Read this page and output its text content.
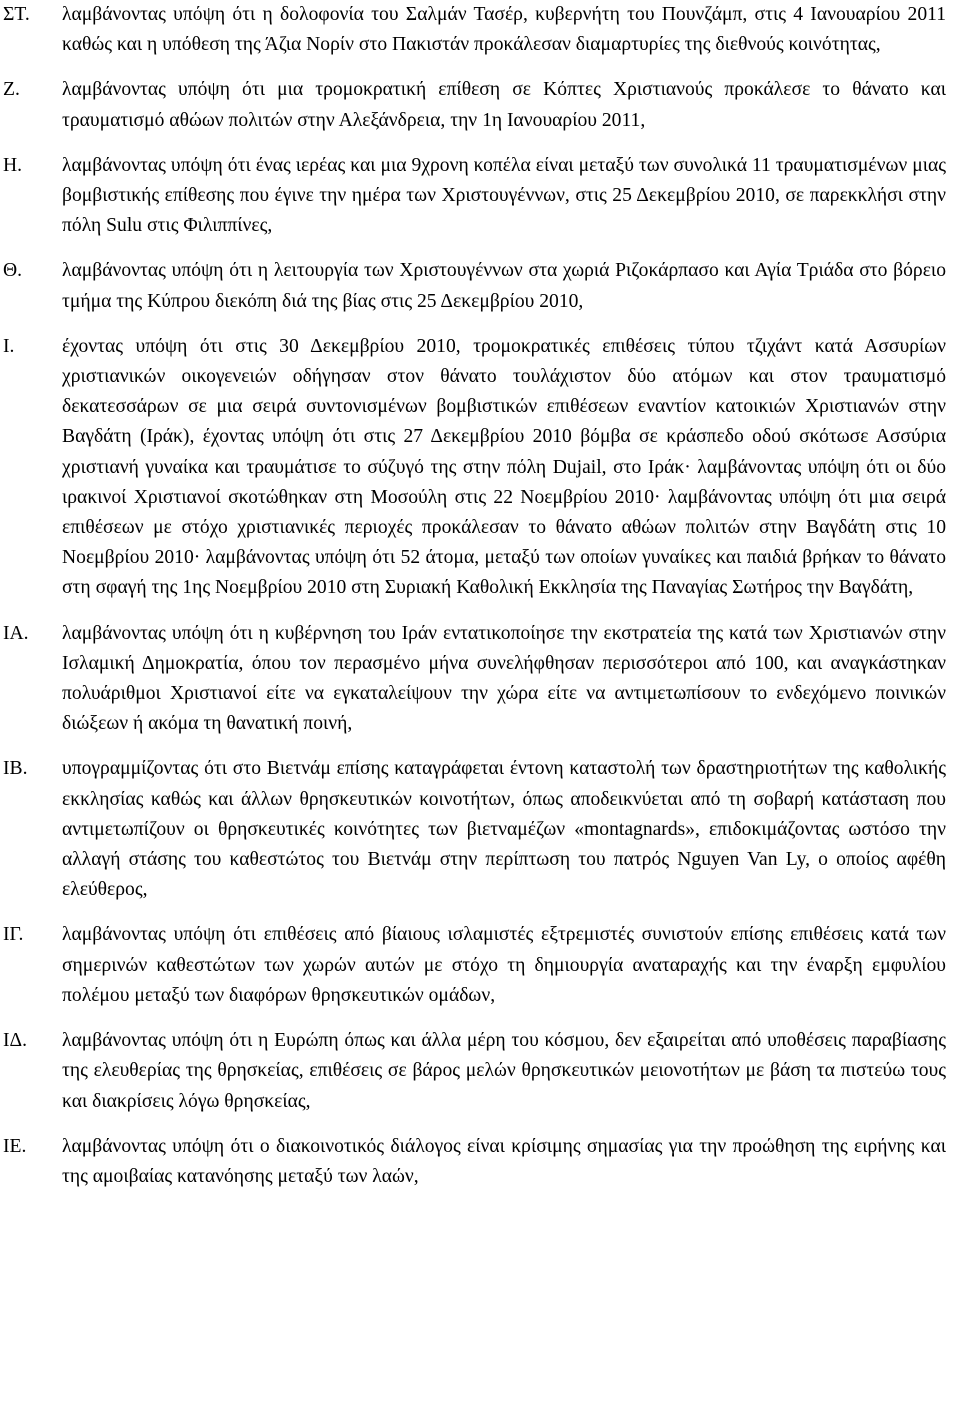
ΣΤ. λαμβάνοντας υπόψη ότι η δολοφονία του Σαλμάν Τασέρ, κυβερνήτη του Πουνζάμπ, στις 4 Ιανουαρίου 2011 καθώς και η υπόθεση της Άζια Νορίν στο Πακιστάν προκάλεσαν διαμαρτυρίες της διεθνούς κοινότητας,
Ζ. λαμβάνοντας υπόψη ότι μια τρομοκρατική επίθεση σε Κόπτες Χριστιανούς προκάλεσε το θάνατο και τραυματισμό αθώων πολιτών στην Αλεξάνδρεια, την 1η Ιανουαρίου 2011,
Η. λαμβάνοντας υπόψη ότι ένας ιερέας και μια 9χρονη κοπέλα είναι μεταξύ των συνολικά 11 τραυματισμένων μιας βομβιστικής επίθεσης που έγινε την ημέρα των Χριστουγέννων, στις 25 Δεκεμβρίου 2010, σε παρεκκλήσι στην πόλη Sulu στις Φιλιππίνες,
Θ. λαμβάνοντας υπόψη ότι η λειτουργία των Χριστουγέννων στα χωριά Ριζοκάρπασο και Αγία Τριάδα στο βόρειο τμήμα της Κύπρου διεκόπη διά της βίας στις 25 Δεκεμβρίου 2010,
Ι. έχοντας υπόψη ότι στις 30 Δεκεμβρίου 2010, τρομοκρατικές επιθέσεις τύπου τζιχάντ κατά Ασσυρίων χριστιανικών οικογενειών οδήγησαν στον θάνατο τουλάχιστον δύο ατόμων και στον τραυματισμό δεκατεσσάρων σε μια σειρά συντονισμένων βομβιστικών επιθέσεων εναντίον κατοικιών Χριστιανών στην Βαγδάτη (Ιράκ), έχοντας υπόψη ότι στις 27 Δεκεμβρίου 2010 βόμβα σε κράσπεδο οδού σκότωσε Ασσύρια χριστιανή γυναίκα και τραυμάτισε το σύζυγό της στην πόλη Dujail, στο Ιράκ· λαμβάνοντας υπόψη ότι οι δύο ιρακινοί Χριστιανοί σκοτώθηκαν στη Μοσούλη στις 22 Νοεμβρίου 2010· λαμβάνοντας υπόψη ότι μια σειρά επιθέσεων με στόχο χριστιανικές περιοχές προκάλεσαν το θάνατο αθώων πολιτών στην Βαγδάτη στις 10 Νοεμβρίου 2010· λαμβάνοντας υπόψη ότι 52 άτομα, μεταξύ των οποίων γυναίκες και παιδιά βρήκαν το θάνατο στη σφαγή της 1ης Νοεμβρίου 2010 στη Συριακή Καθολική Εκκλησία της Παναγίας Σωτήρος την Βαγδάτη,
ΙΑ. λαμβάνοντας υπόψη ότι η κυβέρνηση του Ιράν εντατικοποίησε την εκστρατεία της κατά των Χριστιανών στην Ισλαμική Δημοκρατία, όπου τον περασμένο μήνα συνελήφθησαν περισσότεροι από 100, και αναγκάστηκαν πολυάριθμοι Χριστιανοί είτε να εγκαταλείψουν την χώρα είτε να αντιμετωπίσουν το ενδεχόμενο ποινικών διώξεων ή ακόμα τη θανατική ποινή,
ΙΒ. υπογραμμίζοντας ότι στο Βιετνάμ επίσης καταγράφεται έντονη καταστολή των δραστηριοτήτων της καθολικής εκκλησίας καθώς και άλλων θρησκευτικών κοινοτήτων, όπως αποδεικνύεται από τη σοβαρή κατάσταση που αντιμετωπίζουν οι θρησκευτικές κοινότητες των βιετναμέζων «montagnards», επιδοκιμάζοντας ωστόσο την αλλαγή στάσης του καθεστώτος του Βιετνάμ στην περίπτωση του πατρός Nguyen Van Ly, ο οποίος αφέθη ελεύθερος,
ΙΓ. λαμβάνοντας υπόψη ότι επιθέσεις από βίαιους ισλαμιστές εξτρεμιστές συνιστούν επίσης επιθέσεις κατά των σημερινών καθεστώτων των χωρών αυτών με στόχο τη δημιουργία αναταραχής και την έναρξη εμφυλίου πολέμου μεταξύ των διαφόρων θρησκευτικών ομάδων,
ΙΔ. λαμβάνοντας υπόψη ότι η Ευρώπη όπως και άλλα μέρη του κόσμου, δεν εξαιρείται από υποθέσεις παραβίασης της ελευθερίας της θρησκείας, επιθέσεις σε βάρος μελών θρησκευτικών μειονοτήτων με βάση τα πιστεύω τους και διακρίσεις λόγω θρησκείας,
ΙΕ. λαμβάνοντας υπόψη ότι ο διακοινοτικός διάλογος είναι κρίσιμης σημασίας για την προώθηση της ειρήνης και της αμοιβαίας κατανόησης μεταξύ των λαών,
